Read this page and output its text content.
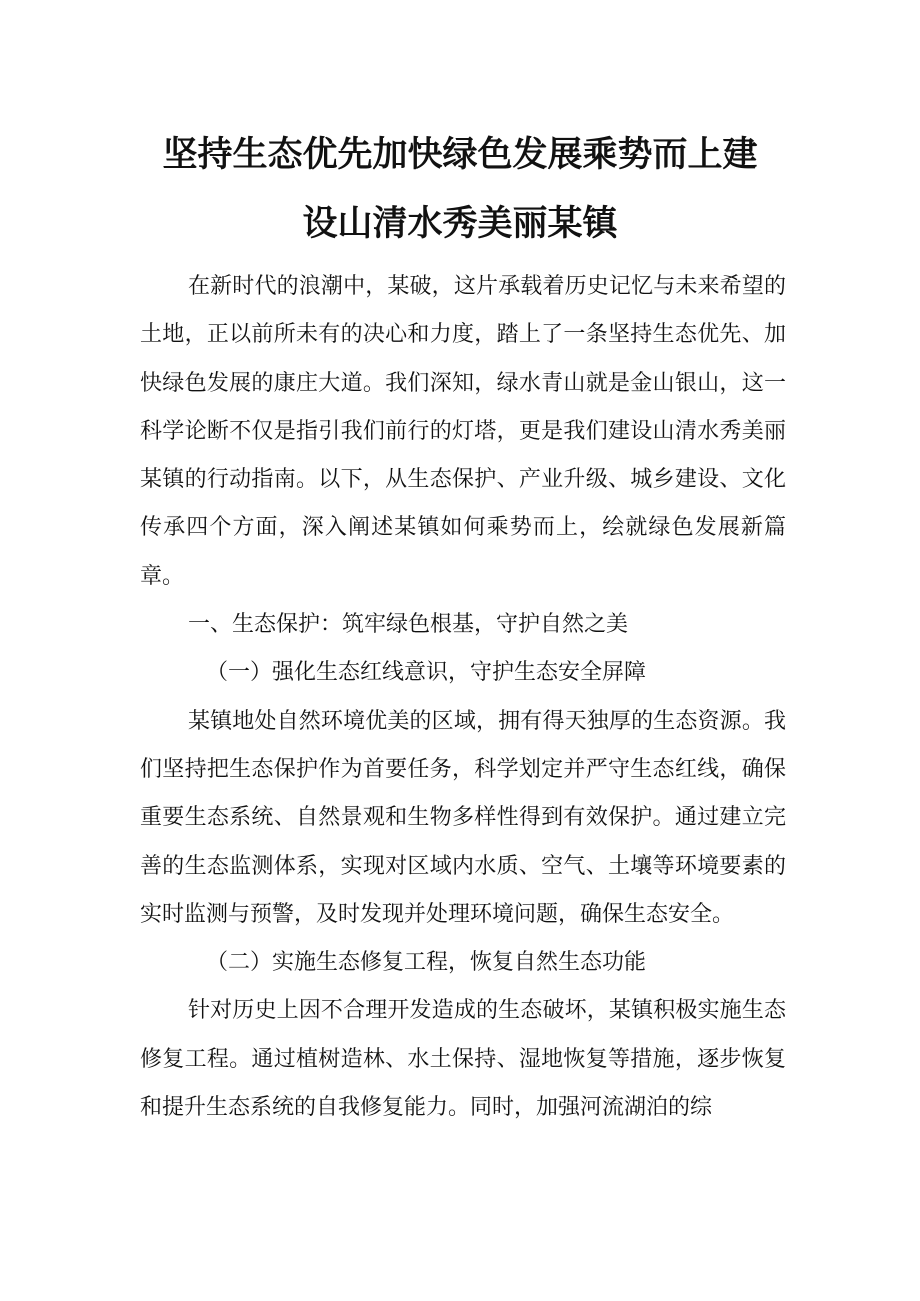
坚持生态优先加快绿色发展乘势而上建
设山清水秀美丽某镇

在新时代的浪潮中，某破，这片承载着历史记忆与未来希望的土地，正以前所未有的决心和力度，踏上了一条坚持生态优先、加快绿色发展的康庄大道。我们深知，绿水青山就是金山银山，这一科学论断不仅是指引我们前行的灯塔，更是我们建设山清水秀美丽某镇的行动指南。以下，从生态保护、产业升级、城乡建设、文化传承四个方面，深入阐述某镇如何乘势而上，绘就绿色发展新篇章。

一、生态保护：筑牢绿色根基，守护自然之美

（一）强化生态红线意识，守护生态安全屏障

某镇地处自然环境优美的区域，拥有得天独厚的生态资源。我们坚持把生态保护作为首要任务，科学划定并严守生态红线，确保重要生态系统、自然景观和生物多样性得到有效保护。通过建立完善的生态监测体系，实现对区域内水质、空气、土壤等环境要素的实时监测与预警，及时发现并处理环境问题，确保生态安全。

（二）实施生态修复工程，恢复自然生态功能

针对历史上因不合理开发造成的生态破坏，某镇积极实施生态修复工程。通过植树造林、水土保持、湿地恢复等措施，逐步恢复和提升生态系统的自我修复能力。同时，加强河流湖泊的综
